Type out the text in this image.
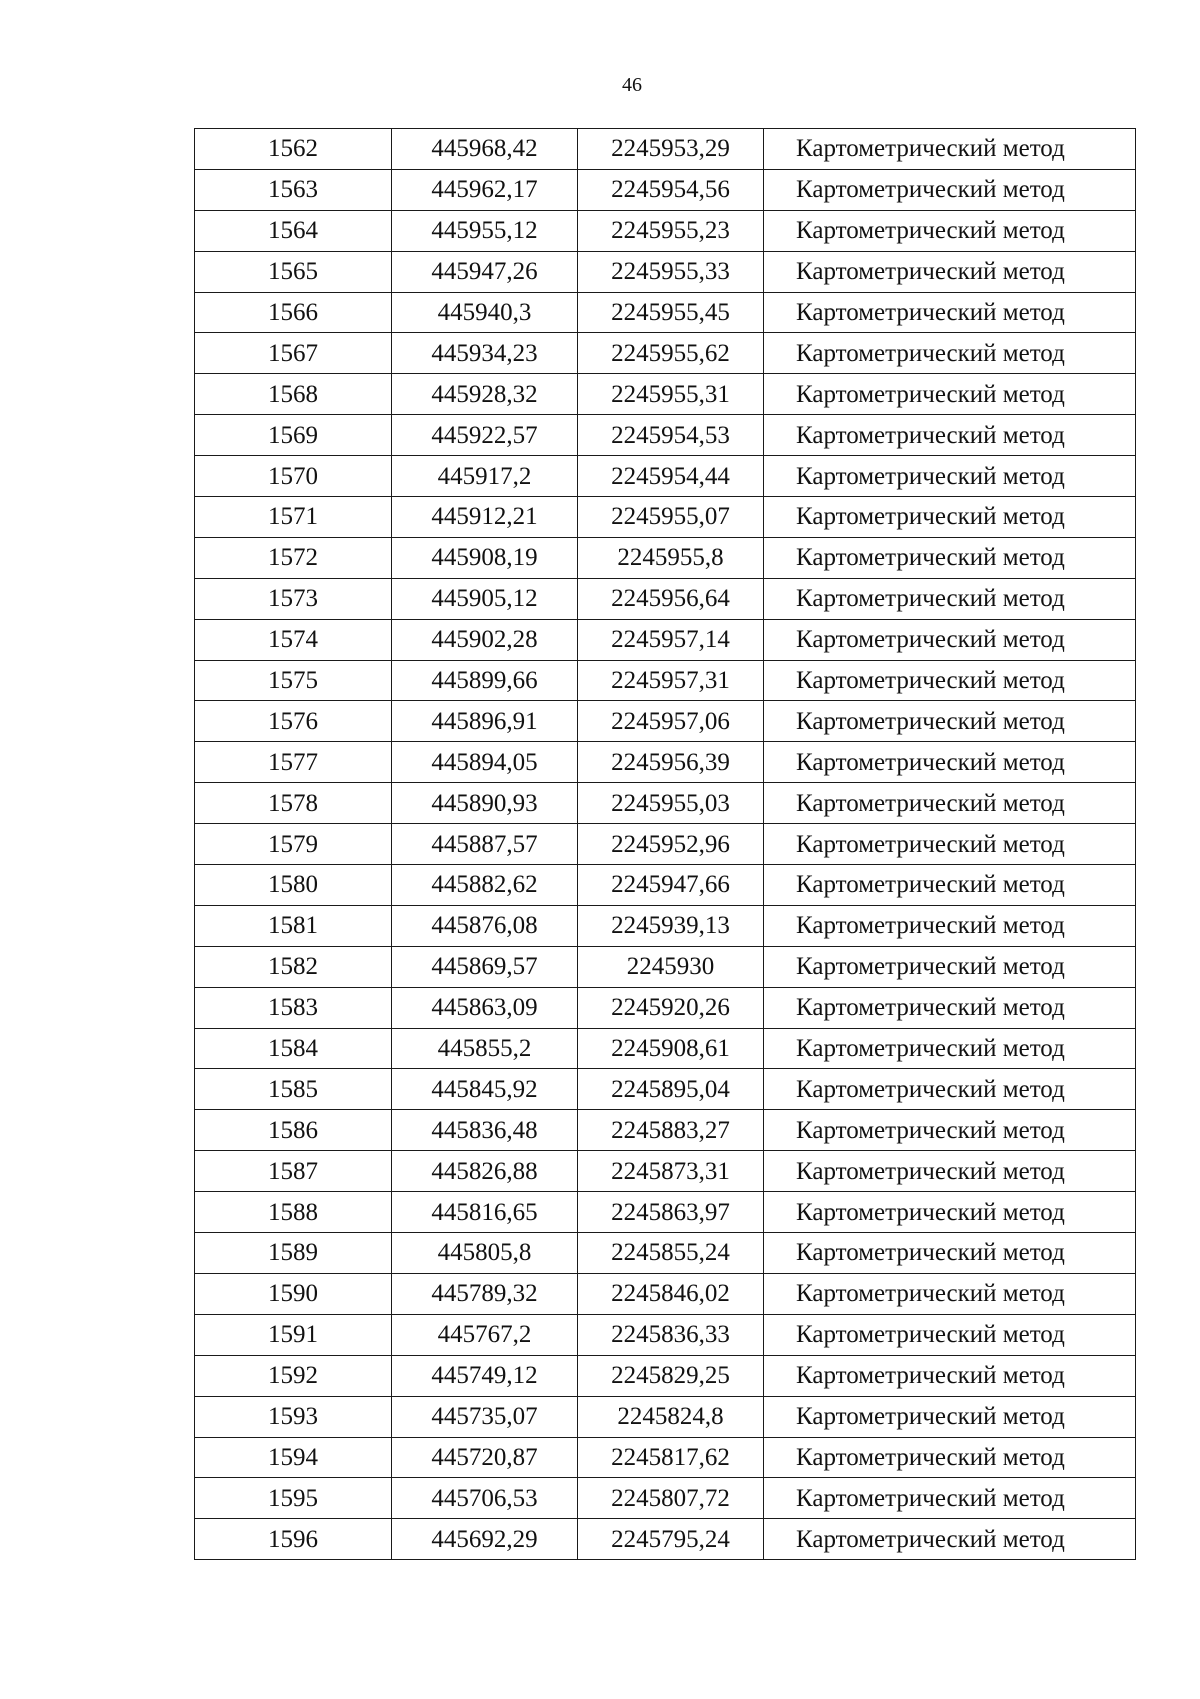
46
1562	445968,42	2245953,29	Картометрический метод
1563	445962,17	2245954,56	Картометрический метод
1564	445955,12	2245955,23	Картометрический метод
1565	445947,26	2245955,33	Картометрический метод
1566	445940,3	2245955,45	Картометрический метод
1567	445934,23	2245955,62	Картометрический метод
1568	445928,32	2245955,31	Картометрический метод
1569	445922,57	2245954,53	Картометрический метод
1570	445917,2	2245954,44	Картометрический метод
1571	445912,21	2245955,07	Картометрический метод
1572	445908,19	2245955,8	Картометрический метод
1573	445905,12	2245956,64	Картометрический метод
1574	445902,28	2245957,14	Картометрический метод
1575	445899,66	2245957,31	Картометрический метод
1576	445896,91	2245957,06	Картометрический метод
1577	445894,05	2245956,39	Картометрический метод
1578	445890,93	2245955,03	Картометрический метод
1579	445887,57	2245952,96	Картометрический метод
1580	445882,62	2245947,66	Картометрический метод
1581	445876,08	2245939,13	Картометрический метод
1582	445869,57	2245930	Картометрический метод
1583	445863,09	2245920,26	Картометрический метод
1584	445855,2	2245908,61	Картометрический метод
1585	445845,92	2245895,04	Картометрический метод
1586	445836,48	2245883,27	Картометрический метод
1587	445826,88	2245873,31	Картометрический метод
1588	445816,65	2245863,97	Картометрический метод
1589	445805,8	2245855,24	Картометрический метод
1590	445789,32	2245846,02	Картометрический метод
1591	445767,2	2245836,33	Картометрический метод
1592	445749,12	2245829,25	Картометрический метод
1593	445735,07	2245824,8	Картометрический метод
1594	445720,87	2245817,62	Картометрический метод
1595	445706,53	2245807,72	Картометрический метод
1596	445692,29	2245795,24	Картометрический метод
